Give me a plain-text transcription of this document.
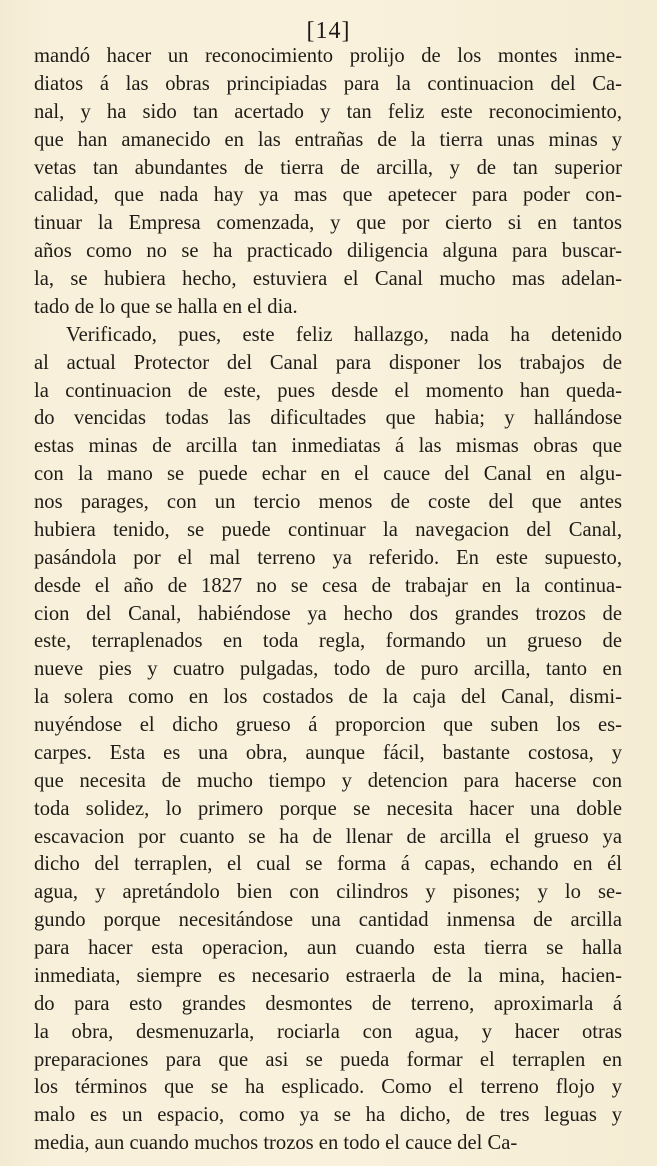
[14]
mandó hacer un reconocimiento prolijo de los montes inme-
diatos á las obras principiadas para la continuacion del Ca-
nal, y ha sido tan acertado y tan feliz este reconocimiento,
que han amanecido en las entrañas de la tierra unas minas y
vetas tan abundantes de tierra de arcilla, y de tan superior
calidad, que nada hay ya mas que apetecer para poder con-
tinuar la Empresa comenzada, y que por cierto si en tantos
años como no se ha practicado diligencia alguna para buscar-
la, se hubiera hecho, estuviera el Canal mucho mas adelan-
tado de lo que se halla en el dia.
Verificado, pues, este feliz hallazgo, nada ha detenido
al actual Protector del Canal para disponer los trabajos de
la continuacion de este, pues desde el momento han queda-
do vencidas todas las dificultades que habia; y hallándose
estas minas de arcilla tan inmediatas á las mismas obras que
con la mano se puede echar en el cauce del Canal en algu-
nos parages, con un tercio menos de coste del que antes
hubiera tenido, se puede continuar la navegacion del Canal,
pasándola por el mal terreno ya referido. En este supuesto,
desde el año de 1827 no se cesa de trabajar en la continua-
cion del Canal, habiéndose ya hecho dos grandes trozos de
este, terraplenados en toda regla, formando un grueso de
nueve pies y cuatro pulgadas, todo de puro arcilla, tanto en
la solera como en los costados de la caja del Canal, dismi-
nuyéndose el dicho grueso á proporcion que suben los es-
carpes. Esta es una obra, aunque fácil, bastante costosa, y
que necesita de mucho tiempo y detencion para hacerse con
toda solidez, lo primero porque se necesita hacer una doble
escavacion por cuanto se ha de llenar de arcilla el grueso ya
dicho del terraplen, el cual se forma á capas, echando en él
agua, y apretándolo bien con cilindros y pisones; y lo se-
gundo porque necesitándose una cantidad inmensa de arcilla
para hacer esta operacion, aun cuando esta tierra se halla
inmediata, siempre es necesario estraerla de la mina, hacien-
do para esto grandes desmontes de terreno, aproximarla á
la obra, desmenuzarla, rociarla con agua, y hacer otras
preparaciones para que asi se pueda formar el terraplen en
los términos que se ha esplicado. Como el terreno flojo y
malo es un espacio, como ya se ha dicho, de tres leguas y
media, aun cuando muchos trozos en todo el cauce del Ca-
